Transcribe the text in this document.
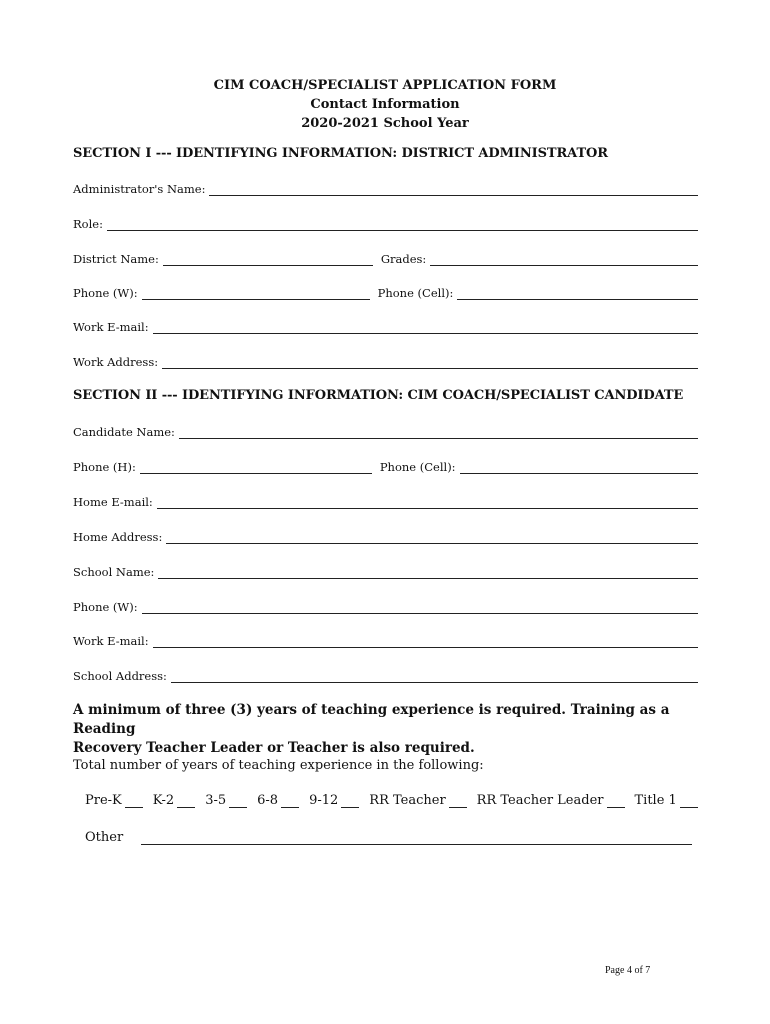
CIM COACH/SPECIALIST APPLICATION FORM
Contact Information
2020-2021 School Year
SECTION I --- IDENTIFYING INFORMATION: DISTRICT ADMINISTRATOR
Administrator's Name:
Role:
District Name:	Grades:
Phone (W):	Phone (Cell):
Work E-mail:
Work Address:
SECTION II --- IDENTIFYING INFORMATION: CIM COACH/SPECIALIST CANDIDATE
Candidate Name:
Phone (H):	Phone (Cell):
Home E-mail:
Home Address:
School Name:
Phone (W):
Work E-mail:
School Address:
A minimum of three (3) years of teaching experience is required. Training as a Reading
Recovery Teacher Leader or Teacher is also required.
Total number of years of teaching experience in the following:
Pre-K K-2 3-5 6-8 9-12 RR Teacher RR Teacher Leader Title 1
Other
Page 4 of 7
